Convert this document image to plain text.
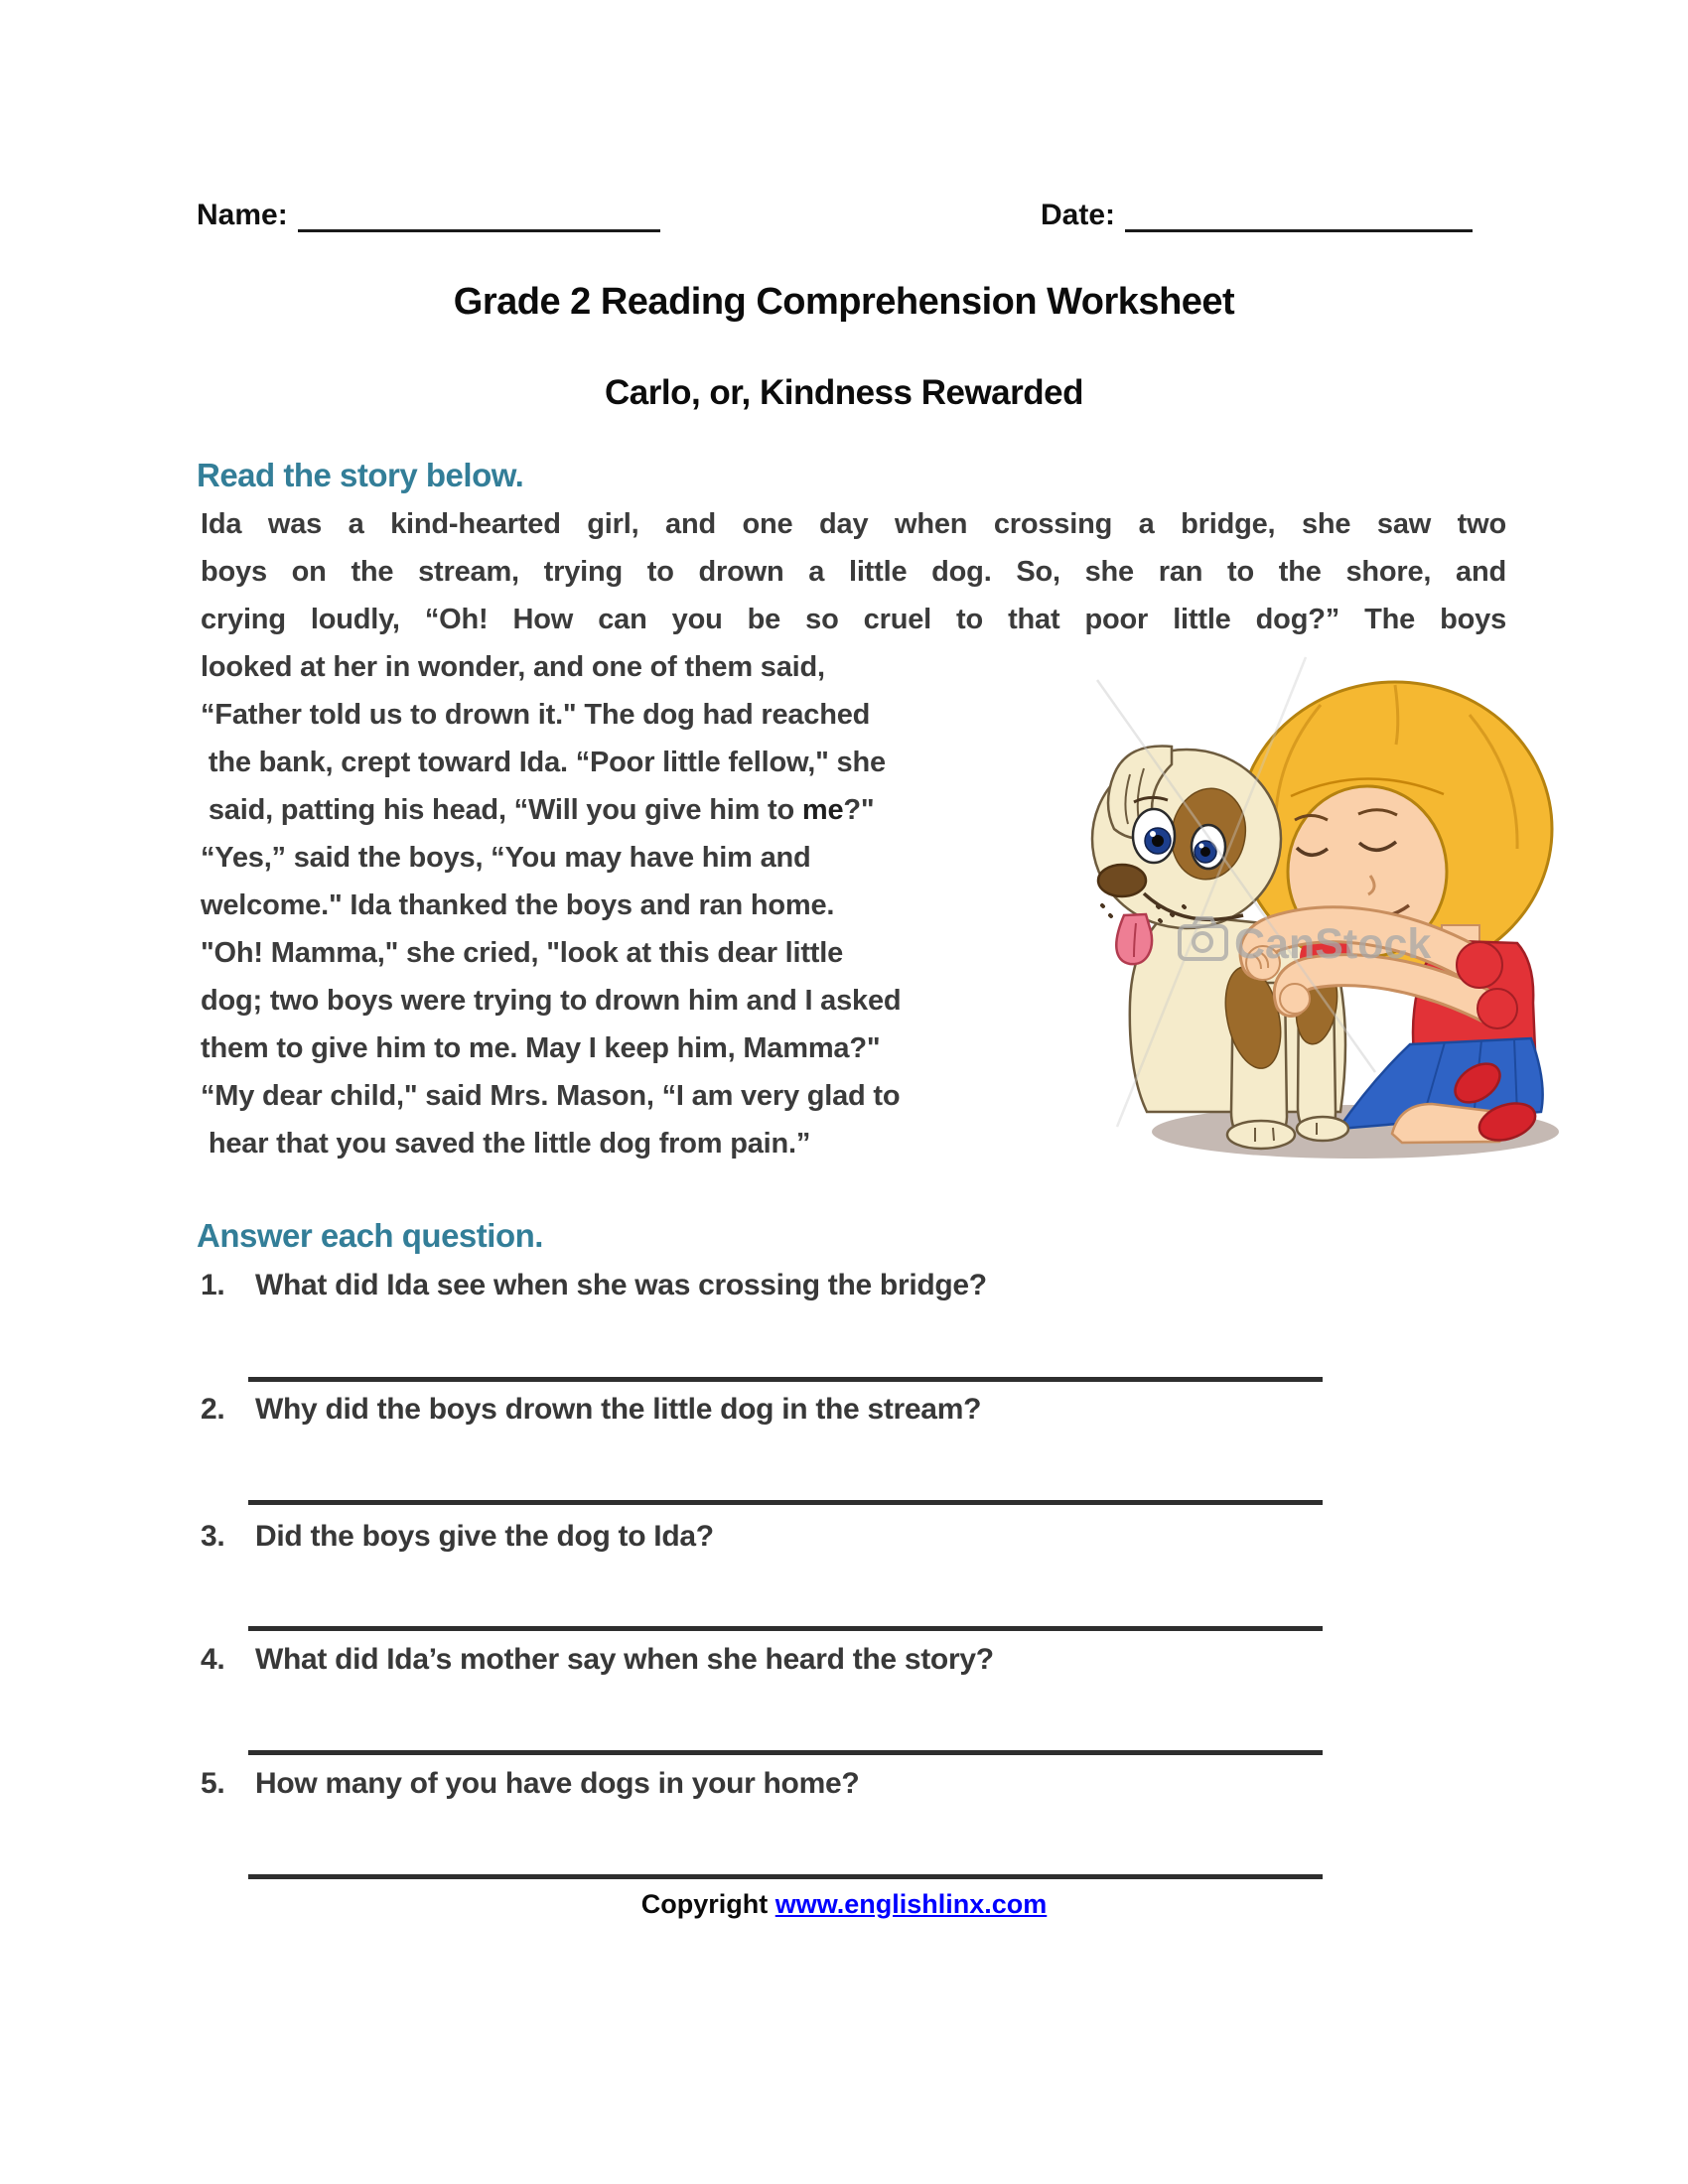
Name:	Date:
Grade 2 Reading Comprehension Worksheet
Carlo, or, Kindness Rewarded
Read the story below.
Ida was a kind-hearted girl, and one day when crossing a bridge, she saw two
boys on the stream, trying to drown a little dog. So, she ran to the shore, and
crying loudly, “Oh! How can you be so cruel to that poor little dog?” The boys
looked at her in wonder, and one of them said,
“Father told us to drown it." The dog had reached
the bank, crept toward Ida. “Poor little fellow," she
said, patting his head, “Will you give him to me?"
“Yes,” said the boys, “You may have him and
welcome." Ida thanked the boys and ran home.
"Oh! Mamma," she cried, "look at this dear little
dog; two boys were trying to drown him and I asked
them to give him to me. May I keep him, Mamma?"
“My dear child," said Mrs. Mason, “I am very glad to
hear that you saved the little dog from pain.”
CanStock
Answer each question.
1. What did Ida see when she was crossing the bridge?
2. Why did the boys drown the little dog in the stream?
3. Did the boys give the dog to Ida?
4. What did Ida’s mother say when she heard the story?
5. How many of you have dogs in your home?
Copyright www.englishlinx.com
